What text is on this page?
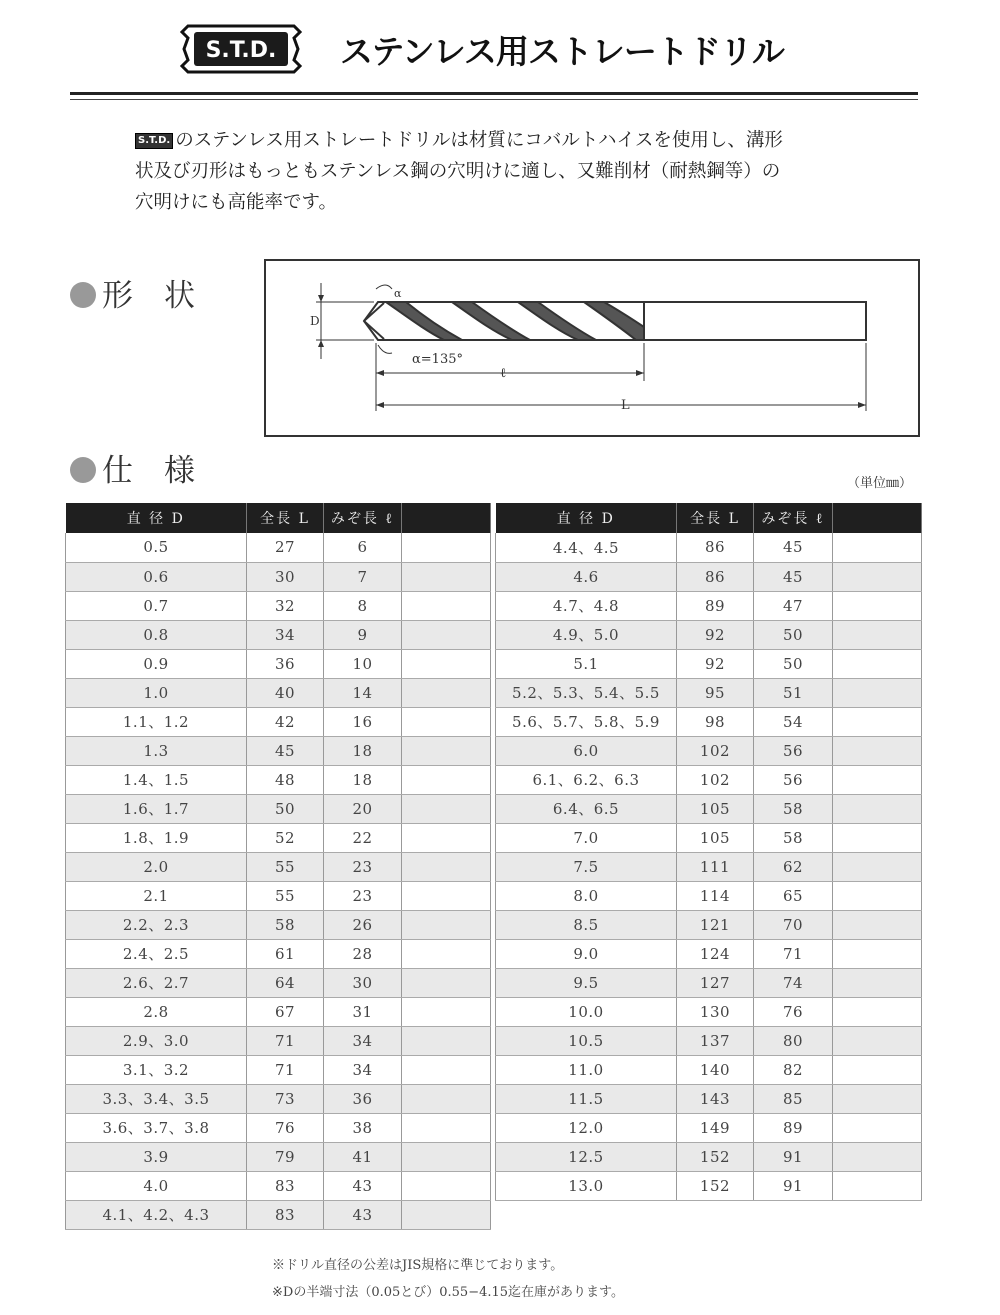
S.T.D. ステンレス用ストレートドリル

S.T.D. のステンレス用ストレートドリルは材質にコバルトハイスを使用し、溝形

状及び刃形はもっともステンレス鋼の穴明けに適し、又難削材（耐熱鋼等）の

穴明けにも高能率です。

形　状
D
α
α=135°
ℓ
L
仕　様	（単位㎜）
直 径 D	全長 L	みぞ長 ℓ	
0.5	27	6	
0.6	30	7	
0.7	32	8	
0.8	34	9	
0.9	36	10	
1.0	40	14	
1.1、1.2	42	16	
1.3	45	18	
1.4、1.5	48	18	
1.6、1.7	50	20	
1.8、1.9	52	22	
2.0	55	23	
2.1	55	23	
2.2、2.3	58	26	
2.4、2.5	61	28	
2.6、2.7	64	30	
2.8	67	31	
2.9、3.0	71	34	
3.1、3.2	71	34	
3.3、3.4、3.5	73	36	
3.6、3.7、3.8	76	38	
3.9	79	41	
4.0	83	43	
4.1、4.2、4.3	83	43	
直 径 D	全長 L	みぞ長 ℓ	
4.4、4.5	86	45	
4.6	86	45	
4.7、4.8	89	47	
4.9、5.0	92	50	
5.1	92	50	
5.2、5.3、5.4、5.5	95	51	
5.6、5.7、5.8、5.9	98	54	
6.0	102	56	
6.1、6.2、6.3	102	56	
6.4、6.5	105	58	
7.0	105	58	
7.5	111	62	
8.0	114	65	
8.5	121	70	
9.0	124	71	
9.5	127	74	
10.0	130	76	
10.5	137	80	
11.0	140	82	
11.5	143	85	
12.0	149	89	
12.5	152	91	
13.0	152	91	
※ドリル直径の公差はJIS規格に準じております。
※Dの半端寸法（0.05とび）0.55−4.15迄在庫があります。
